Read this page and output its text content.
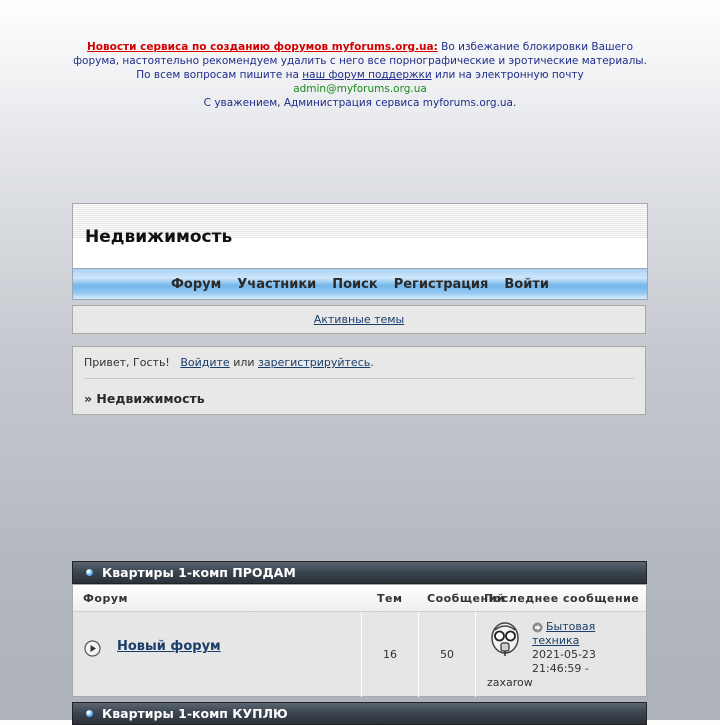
Новости сервиса по созданию форумов myforums.org.ua: Во избежание блокировки Вашего форума, настоятельно рекомендуем удалить с него все порнографические и эротические материалы. По всем вопросам пишите на наш форум поддержки или на электронную почту admin@myforums.org.ua
С уважением, Администрация сервиса myforums.org.ua.
Недвижимость
Форум Участники Поиск Регистрация Войти
Активные темы
Привет, Гость! Войдите или зарегистрируйтесь.
» Недвижимость
Квартиры 1-комп ПРОДАМ
Форум	Тем Сообщений
Последнее сообщение
Новый форум
16	50
Бытовая техника
2021-05-23 21:46:59 -
zaxarow
Квартиры 1-комп КУПЛЮ
